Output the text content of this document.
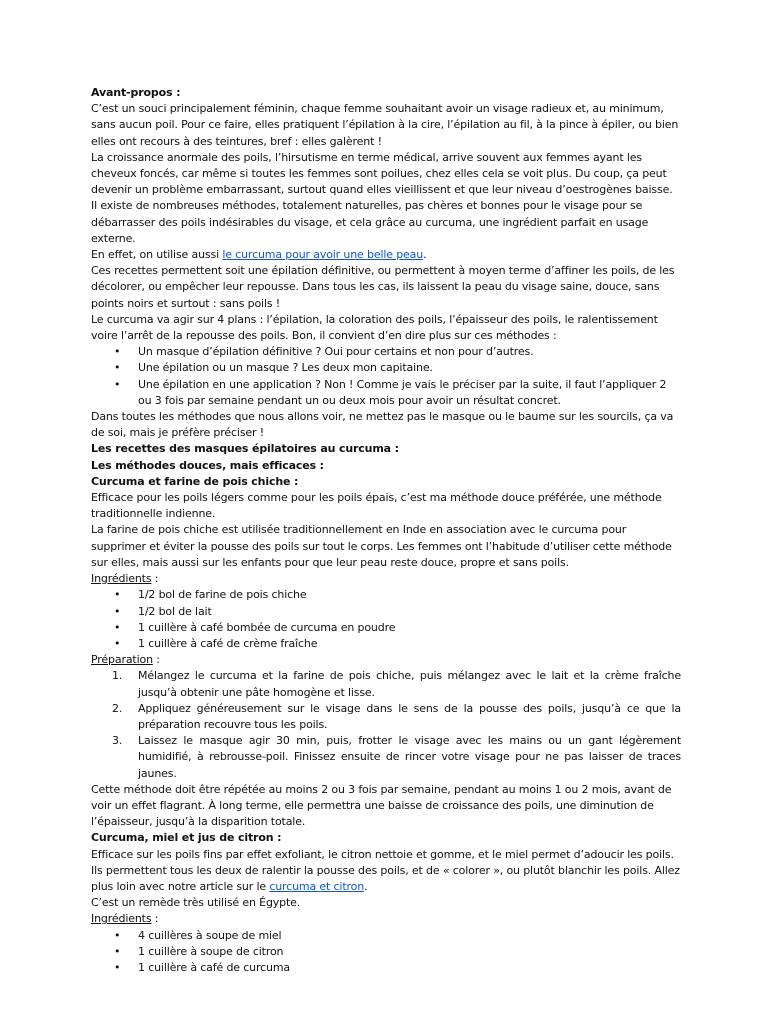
Avant-propos :

C’est un souci principalement féminin, chaque femme souhaitant avoir un visage radieux et, au minimum, sans aucun poil. Pour ce faire, elles pratiquent l’épilation à la cire, l’épilation au fil, à la pince à épiler, ou bien elles ont recours à des teintures, bref : elles galèrent !

La croissance anormale des poils, l’hirsutisme en terme médical, arrive souvent aux femmes ayant les cheveux foncés, car même si toutes les femmes sont poilues, chez elles cela se voit plus. Du coup, ça peut devenir un problème embarrassant, surtout quand elles vieillissent et que leur niveau d’oestrogènes baisse.

Il existe de nombreuses méthodes, totalement naturelles, pas chères et bonnes pour le visage pour se débarrasser des poils indésirables du visage, et cela grâce au curcuma, une ingrédient parfait en usage externe.

En effet, on utilise aussi le curcuma pour avoir une belle peau.

Ces recettes permettent soit une épilation définitive, ou permettent à moyen terme d’affiner les poils, de les décolorer, ou empêcher leur repousse. Dans tous les cas, ils laissent la peau du visage saine, douce, sans points noirs et surtout : sans poils !

Le curcuma va agir sur 4 plans : l’épilation, la coloration des poils, l’épaisseur des poils, le ralentissement voire l’arrêt de la repousse des poils. Bon, il convient d’en dire plus sur ces méthodes :

• Un masque d’épilation définitive ? Oui pour certains et non pour d’autres.
• Une épilation ou un masque ? Les deux mon capitaine.
• Une épilation en une application ? Non ! Comme je vais le préciser par la suite, il faut l’appliquer 2 ou 3 fois par semaine pendant un ou deux mois pour avoir un résultat concret.

Dans toutes les méthodes que nous allons voir, ne mettez pas le masque ou le baume sur les sourcils, ça va de soi, mais je préfère préciser !

Les recettes des masques épilatoires au curcuma :

Les méthodes douces, mais efficaces :

Curcuma et farine de pois chiche :

Efficace pour les poils légers comme pour les poils épais, c’est ma méthode douce préférée, une méthode traditionnelle indienne.

La farine de pois chiche est utilisée traditionnellement en Inde en association avec le curcuma pour supprimer et éviter la pousse des poils sur tout le corps. Les femmes ont l’habitude d’utiliser cette méthode sur elles, mais aussi sur les enfants pour que leur peau reste douce, propre et sans poils.

Ingrédients :

• 1/2 bol de farine de pois chiche
• 1/2 bol de lait
• 1 cuillère à café bombée de curcuma en poudre
• 1 cuillère à café de crème fraîche

Préparation :

1. Mélangez le curcuma et la farine de pois chiche, puis mélangez avec le lait et la crème fraîche jusqu’à obtenir une pâte homogène et lisse.
2. Appliquez généreusement sur le visage dans le sens de la pousse des poils, jusqu’à ce que la préparation recouvre tous les poils.
3. Laissez le masque agir 30 min, puis, frotter le visage avec les mains ou un gant légèrement humidifié, à rebrousse-poil. Finissez ensuite de rincer votre visage pour ne pas laisser de traces jaunes.

Cette méthode doit être répétée au moins 2 ou 3 fois par semaine, pendant au moins 1 ou 2 mois, avant de voir un effet flagrant. À long terme, elle permettra une baisse de croissance des poils, une diminution de l’épaisseur, jusqu’à la disparition totale.

Curcuma, miel et jus de citron :

Efficace sur les poils fins par effet exfoliant, le citron nettoie et gomme, et le miel permet d’adoucir les poils. Ils permettent tous les deux de ralentir la pousse des poils, et de « colorer », ou plutôt blanchir les poils. Allez plus loin avec notre article sur le curcuma et citron.

C’est un remède très utilisé en Égypte.

Ingrédients :

• 4 cuillères à soupe de miel
• 1 cuillère à soupe de citron
• 1 cuillère à café de curcuma
